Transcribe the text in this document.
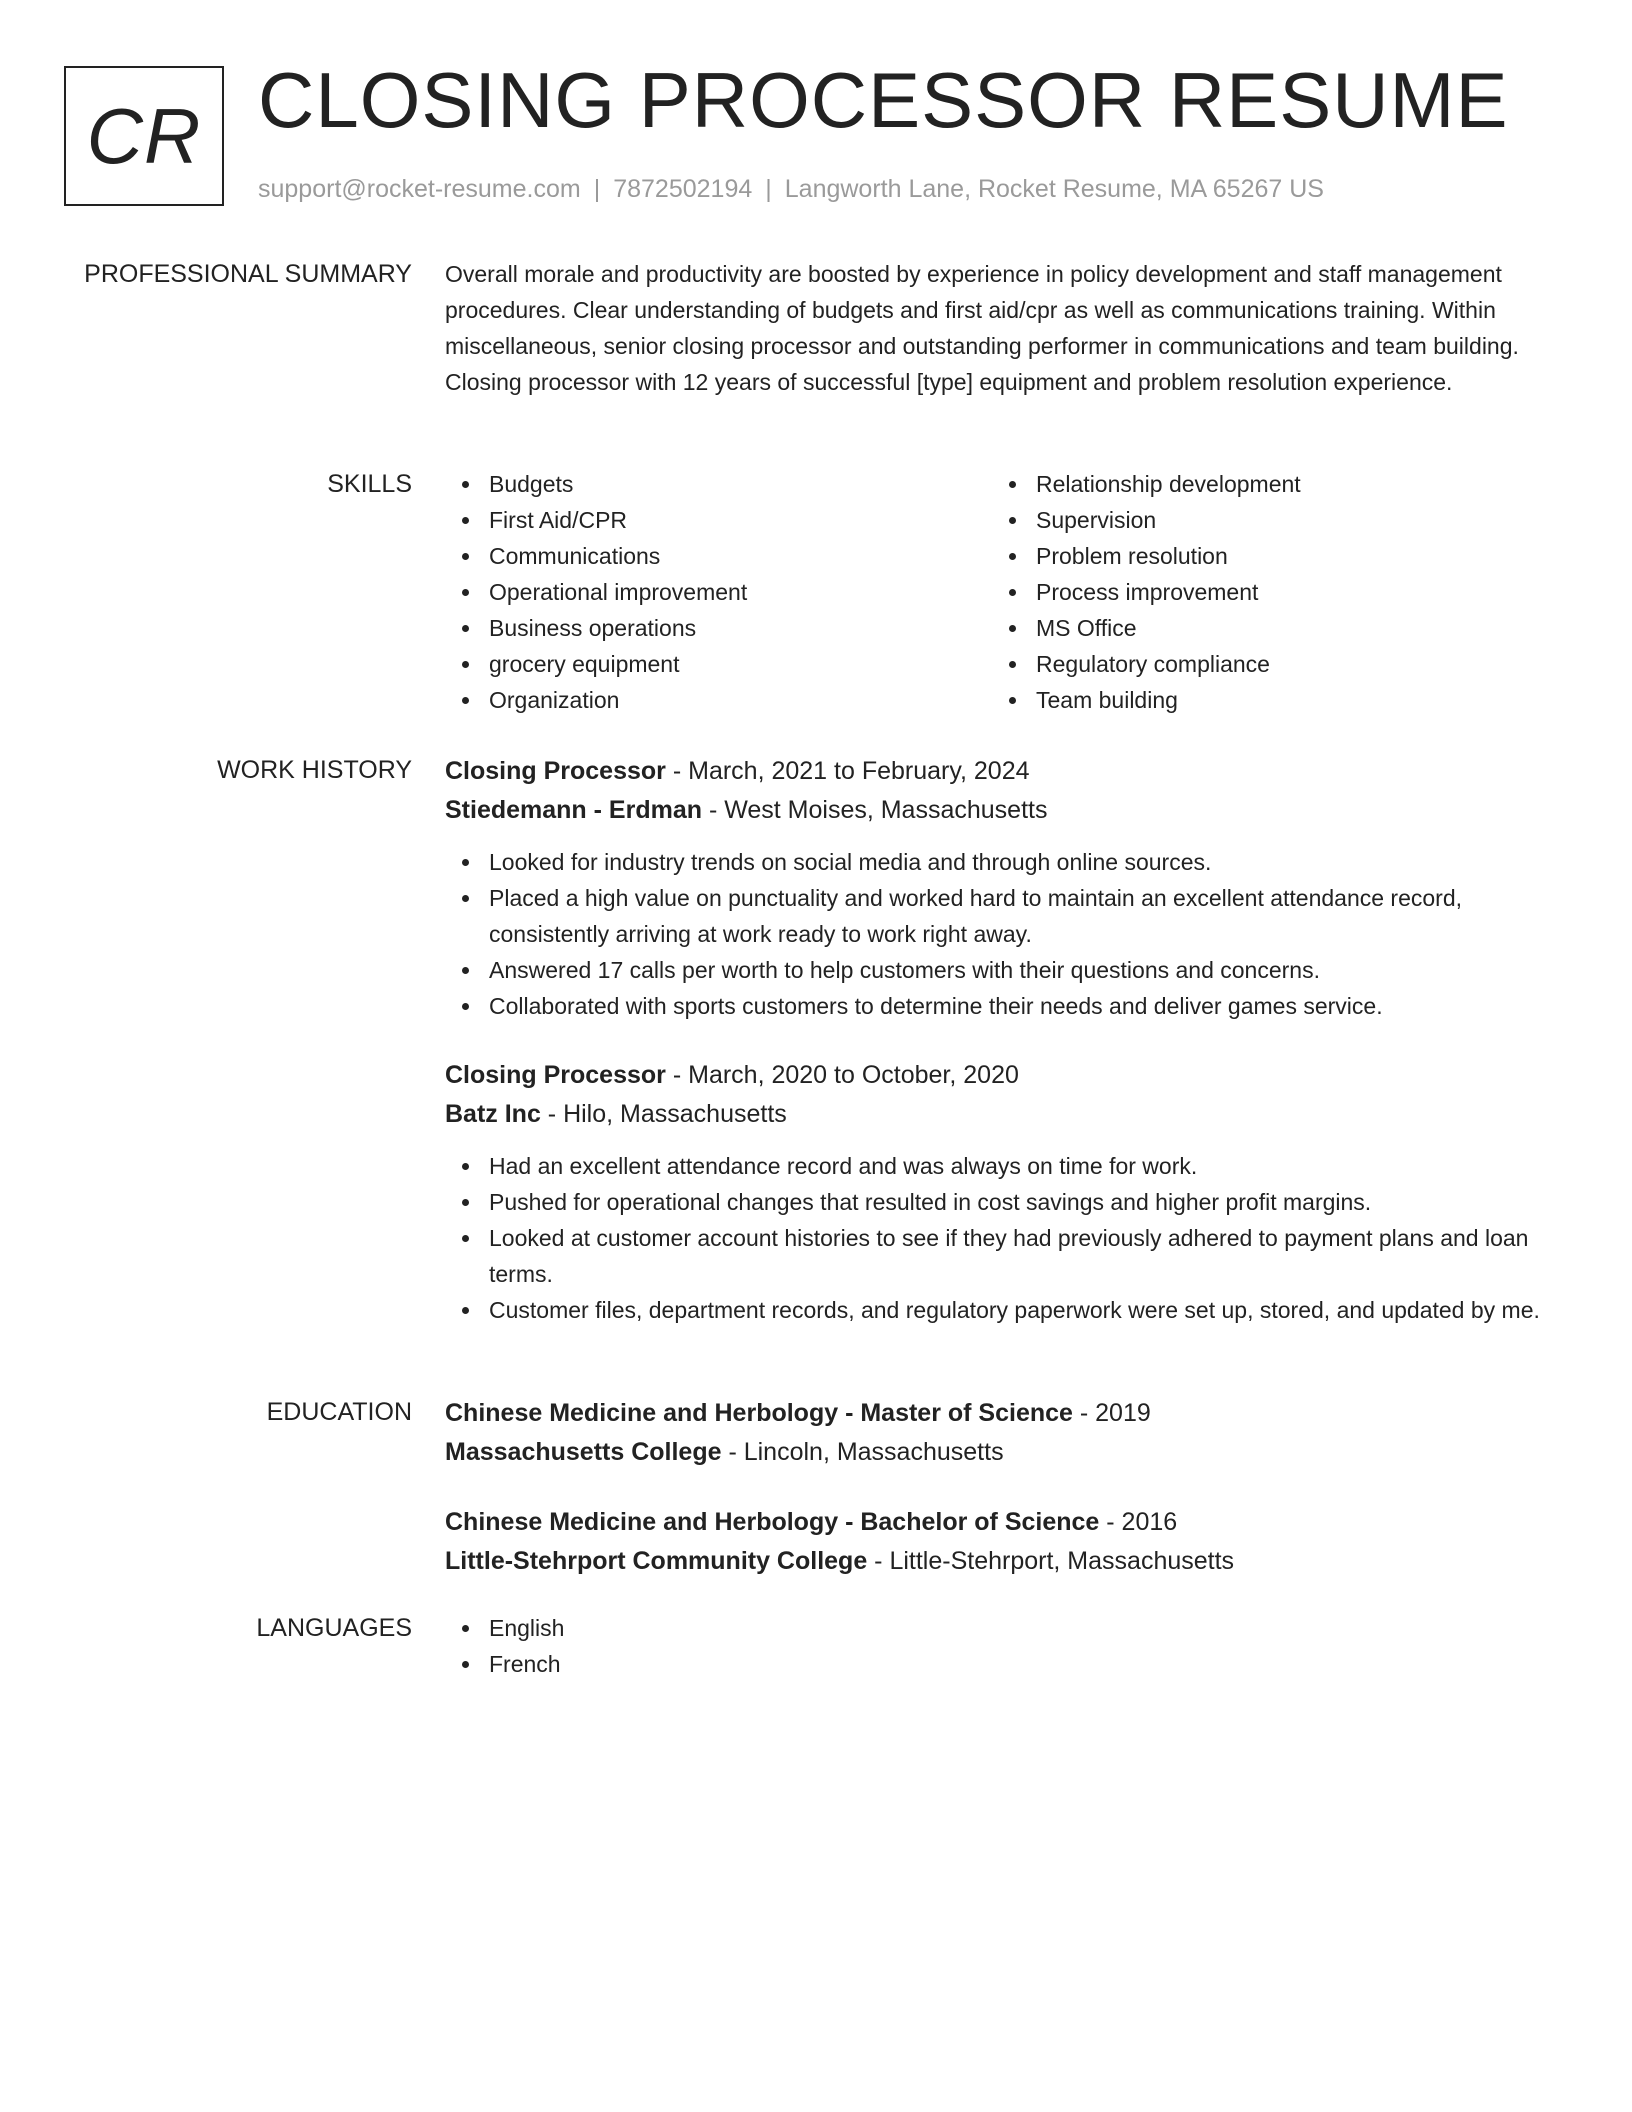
CR CLOSING PROCESSOR RESUME
support@rocket-resume.com | 7872502194 | Langworth Lane, Rocket Resume, MA 65267 US
PROFESSIONAL SUMMARY Overall morale and productivity are boosted by experience in policy development and staff management procedures. Clear understanding of budgets and first aid/cpr as well as communications training. Within miscellaneous, senior closing processor and outstanding performer in communications and team building. Closing processor with 12 years of successful [type] equipment and problem resolution experience.

SKILLS	Budgets
First Aid/CPR
Communications
Operational improvement
Business operations
grocery equipment
Organization
Relationship development
Supervision
Problem resolution
Process improvement
MS Office
Regulatory compliance
Team building
WORK HISTORY Closing Processor - March, 2021 to February, 2024
Stiedemann - Erdman - West Moises, Massachusetts
Looked for industry trends on social media and through online sources.
Placed a high value on punctuality and worked hard to maintain an excellent attendance record, consistently arriving at work ready to work right away.
Answered 17 calls per worth to help customers with their questions and concerns.
Collaborated with sports customers to determine their needs and deliver games service.
Closing Processor - March, 2020 to October, 2020
Batz Inc - Hilo, Massachusetts
Had an excellent attendance record and was always on time for work.
Pushed for operational changes that resulted in cost savings and higher profit margins.
Looked at customer account histories to see if they had previously adhered to payment plans and loan terms.
Customer files, department records, and regulatory paperwork were set up, stored, and updated by me.
EDUCATION Chinese Medicine and Herbology - Master of Science - 2019
Massachusetts College - Lincoln, Massachusetts
Chinese Medicine and Herbology - Bachelor of Science - 2016
Little-Stehrport Community College - Little-Stehrport, Massachusetts
LANGUAGES	English
French
